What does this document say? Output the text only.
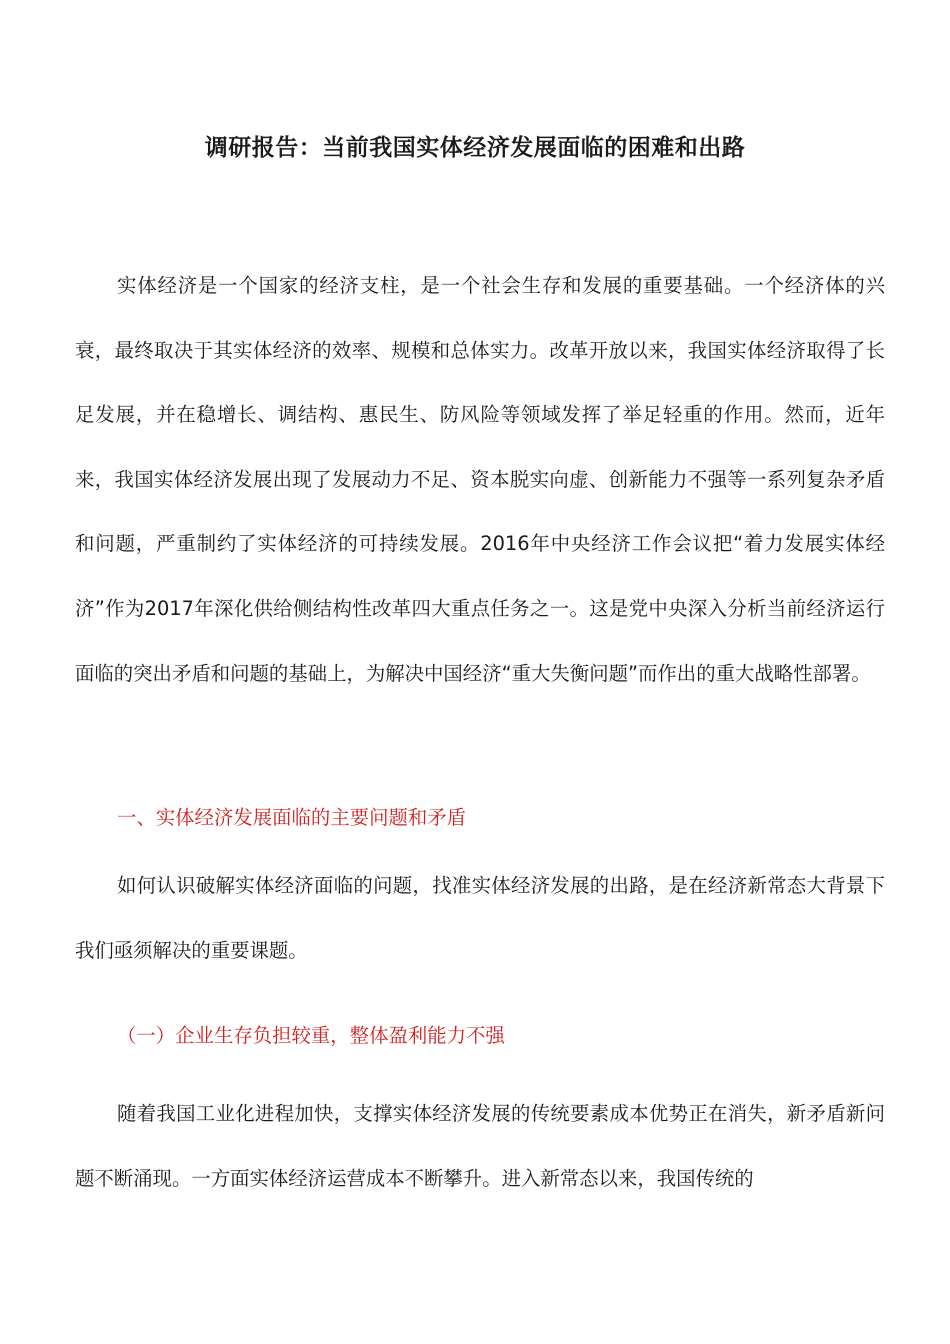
调研报告：当前我国实体经济发展面临的困难和出路

实体经济是一个国家的经济支柱，是一个社会生存和发展的重要基础。一个经济体的兴衰，最终取决于其实体经济的效率、规模和总体实力。改革开放以来，我国实体经济取得了长足发展，并在稳增长、调结构、惠民生、防风险等领域发挥了举足轻重的作用。然而，近年来，我国实体经济发展出现了发展动力不足、资本脱实向虚、创新能力不强等一系列复杂矛盾和问题，严重制约了实体经济的可持续发展。2016年中央经济工作会议把“着力发展实体经济”作为2017年深化供给侧结构性改革四大重点任务之一。这是党中央深入分析当前经济运行面临的突出矛盾和问题的基础上，为解决中国经济“重大失衡问题”而作出的重大战略性部署。

一、实体经济发展面临的主要问题和矛盾

如何认识破解实体经济面临的问题，找准实体经济发展的出路，是在经济新常态大背景下我们亟须解决的重要课题。

（一）企业生存负担较重，整体盈利能力不强

随着我国工业化进程加快，支撑实体经济发展的传统要素成本优势正在消失，新矛盾新问题不断涌现。一方面实体经济运营成本不断攀升。进入新常态以来，我国传统的
